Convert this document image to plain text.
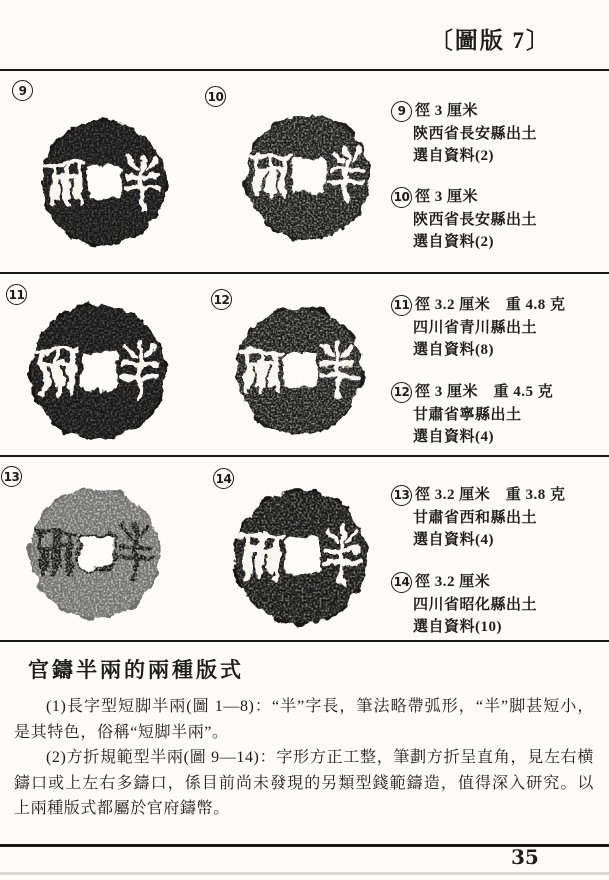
〔圖版 7〕
9	10
11	12
13	14
9 徑 3 厘米
陝西省長安縣出土
選自資料(2)
10 徑 3 厘米
陝西省長安縣出土
選自資料(2)
11 徑 3.2 厘米　重 4.8 克
四川省青川縣出土
選自資料(8)
12 徑 3 厘米　重 4.5 克
甘肅省寧縣出土
選自資料(4)
13 徑 3.2 厘米　重 3.8 克
甘肅省西和縣出土
選自資料(4)
14 徑 3.2 厘米
四川省昭化縣出土
選自資料(10)
官鑄半兩的兩種版式

(1)長字型短脚半兩(圖 1—8)：“半”字長，筆法略帶弧形，“半”脚甚短小，是其特色，俗稱“短脚半兩”。

(2)方折規範型半兩(圖 9—14)：字形方正工整，筆劃方折呈直角，見左右横鑄口或上左右多鑄口，係目前尚未發現的另類型錢範鑄造，值得深入研究。以上兩種版式都屬於官府鑄幣。

35
